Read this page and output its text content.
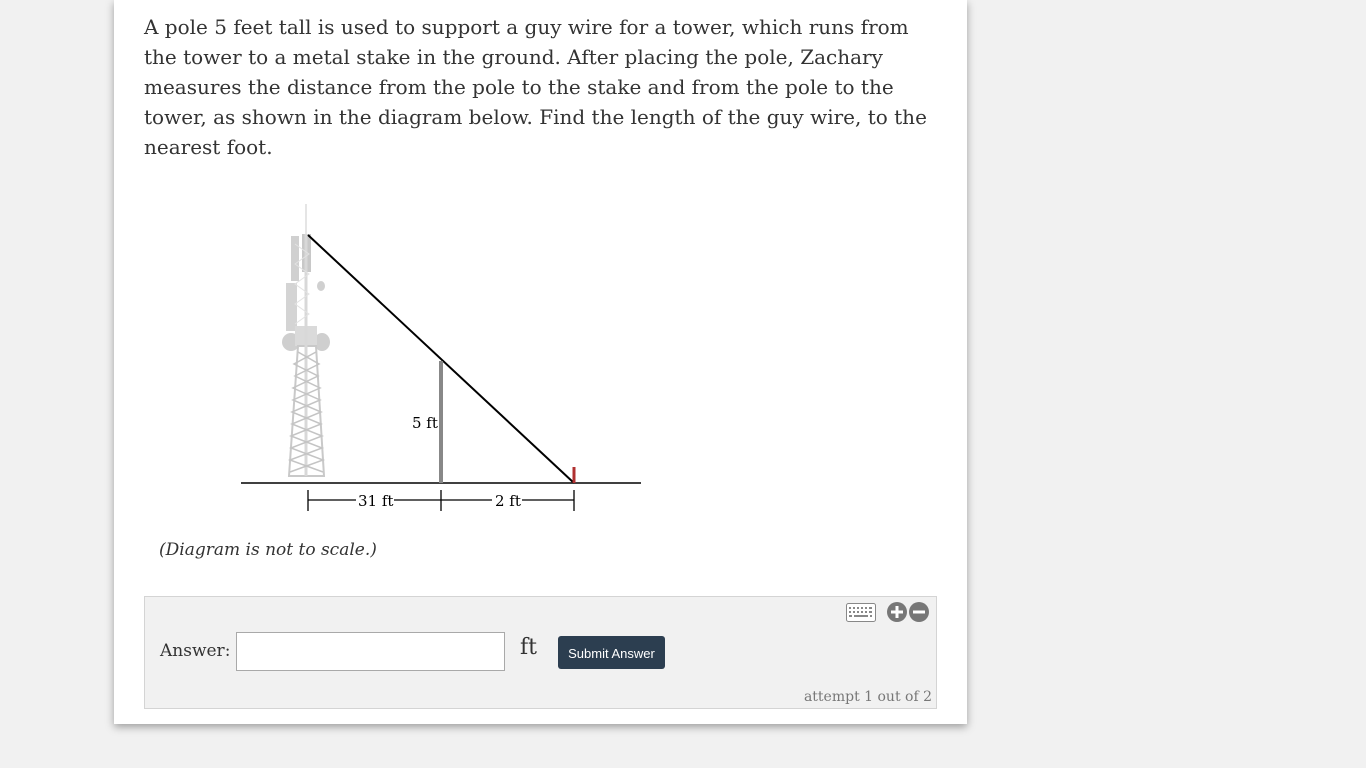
A pole 5 feet tall is used to support a guy wire for a tower, which runs from the tower to a metal stake in the ground. After placing the pole, Zachary measures the distance from the pole to the stake and from the pole to the tower, as shown in the diagram below. Find the length of the guy wire, to the nearest foot.

5 ft
31 ft	2 ft
(Diagram is not to scale.)
Answer:	ft	Submit Answer
attempt 1 out of 2
